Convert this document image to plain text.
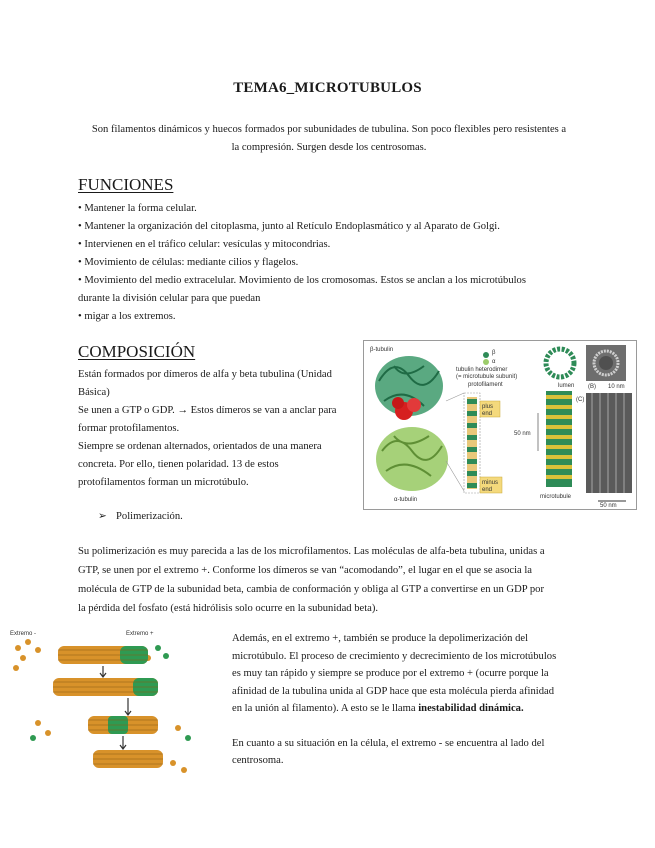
TEMA6_MICROTUBULOS
Son filamentos dinámicos y huecos formados por subunidades de tubulina. Son poco flexibles pero resistentes a
la compresión. Surgen desde los centrosomas.
FUNCIONES
• Mantener la forma celular.
• Mantener la organización del citoplasma, junto al Retículo Endoplasmático y al Aparato de Golgi.
• Intervienen en el tráfico celular: vesículas y mitocondrias.
• Movimiento de células: mediante cilios y flagelos.
• Movimiento del medio extracelular. Movimiento de los cromosomas. Estos se anclan a los microtúbulos
durante la división celular para que puedan
• migar a los extremos.
COMPOSICIÓN
Están formados por dímeros de alfa y beta tubulina (Unidad
Básica)
Se unen a GTP o GDP. → Estos dímeros se van a anclar para
formar protofilamentos.
Siempre se ordenan alternados, orientados de una manera
concreta. Por ello, tienen polaridad. 13 de estos
protofilamentos forman un microtúbulo.
➢ Polimerización.
β-tubulin
α-tubulin
protofilament
β
α
tubulin heterodimer
(= microtubule subunit)
plus
end
minus
end
lumen
50 nm
microtubule
(B) 10 nm
(C)
50 nm
Su polimerización es muy parecida a las de los microfilamentos. Las moléculas de alfa-beta tubulina, unidas a
GTP, se unen por el extremo +. Conforme los dímeros se van “acomodando”, el lugar en el que se asocia la
molécula de GTP de la subunidad beta, cambia de conformación y obliga al GTP a convertirse en un GDP por
la pérdida del fosfato (está hidrólisis solo ocurre en la subunidad beta).
Extremo -	Extremo +	Además, en el extremo +, también se produce la depolimerización del
microtúbulo. El proceso de crecimiento y decrecimiento de los microtúbulos
es muy tan rápido y siempre se produce por el extremo + (ocurre porque la
afinidad de la tubulina unida al GDP hace que esta molécula pierda afinidad
en la unión al filamento). A esto se le llama inestabilidad dinámica.

En cuanto a su situación en la célula, el extremo - se encuentra al lado del
centrosoma.
